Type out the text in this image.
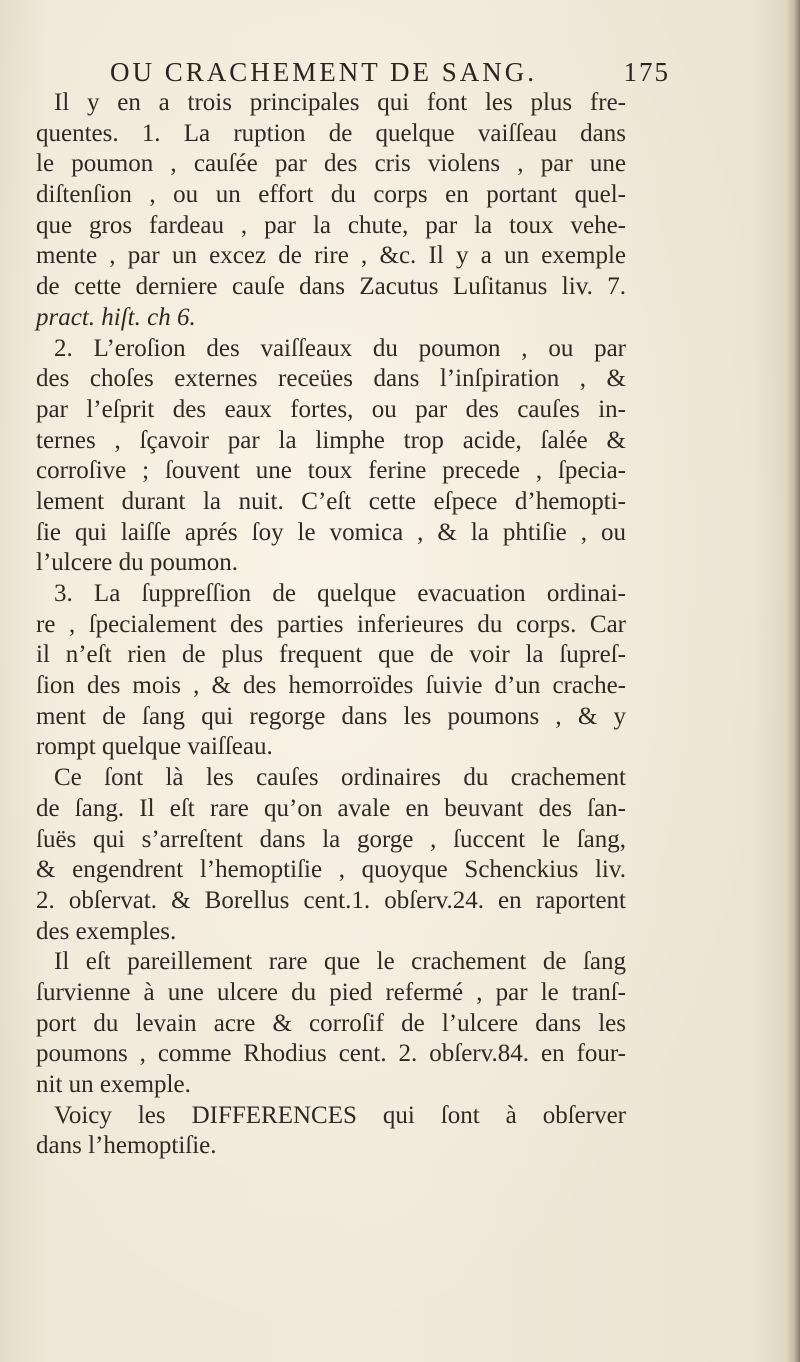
OU CRACHEMENT DE SANG.	175
Il y en a trois principales qui font les plus fre-
quentes. 1. La ruption de quelque vaiſſeau dans
le poumon , cauſée par des cris violens , par une
diſtenſion , ou un effort du corps en portant quel-
que gros fardeau , par la chute, par la toux vehe-
mente , par un excez de rire , &c. Il y a un exemple
de cette derniere cauſe dans Zacutus Luſitanus liv. 7.
pract. hiſt. ch 6.
2. L’eroſion des vaiſſeaux du poumon , ou par
des choſes externes receües dans l’inſpiration , &
par l’eſprit des eaux fortes, ou par des cauſes in-
ternes , ſçavoir par la limphe trop acide, ſalée &
corroſive ; ſouvent une toux ferine precede , ſpecia-
lement durant la nuit. C’eſt cette eſpece d’hemopti-
ſie qui laiſſe aprés ſoy le vomica , & la phtiſie , ou
l’ulcere du poumon.
3. La ſuppreſſion de quelque evacuation ordinai-
re , ſpecialement des parties inferieures du corps. Car
il n’eſt rien de plus frequent que de voir la ſupreſ-
ſion des mois , & des hemorroïdes ſuivie d’un crache-
ment de ſang qui regorge dans les poumons , & y
rompt quelque vaiſſeau.
Ce ſont là les cauſes ordinaires du crachement
de ſang. Il eſt rare qu’on avale en beuvant des ſan-
ſuës qui s’arreſtent dans la gorge , ſuccent le ſang,
& engendrent l’hemoptiſie , quoyque Schenckius liv.
2. obſervat. & Borellus cent.1. obſerv.24. en raportent
des exemples.
Il eſt pareillement rare que le crachement de ſang
ſurvienne à une ulcere du pied refermé , par le tranſ-
port du levain acre & corroſif de l’ulcere dans les
poumons , comme Rhodius cent. 2. obſerv.84. en four-
nit un exemple.
Voicy les DIFFERENCES qui ſont à obſerver
dans l’hemoptiſie.
